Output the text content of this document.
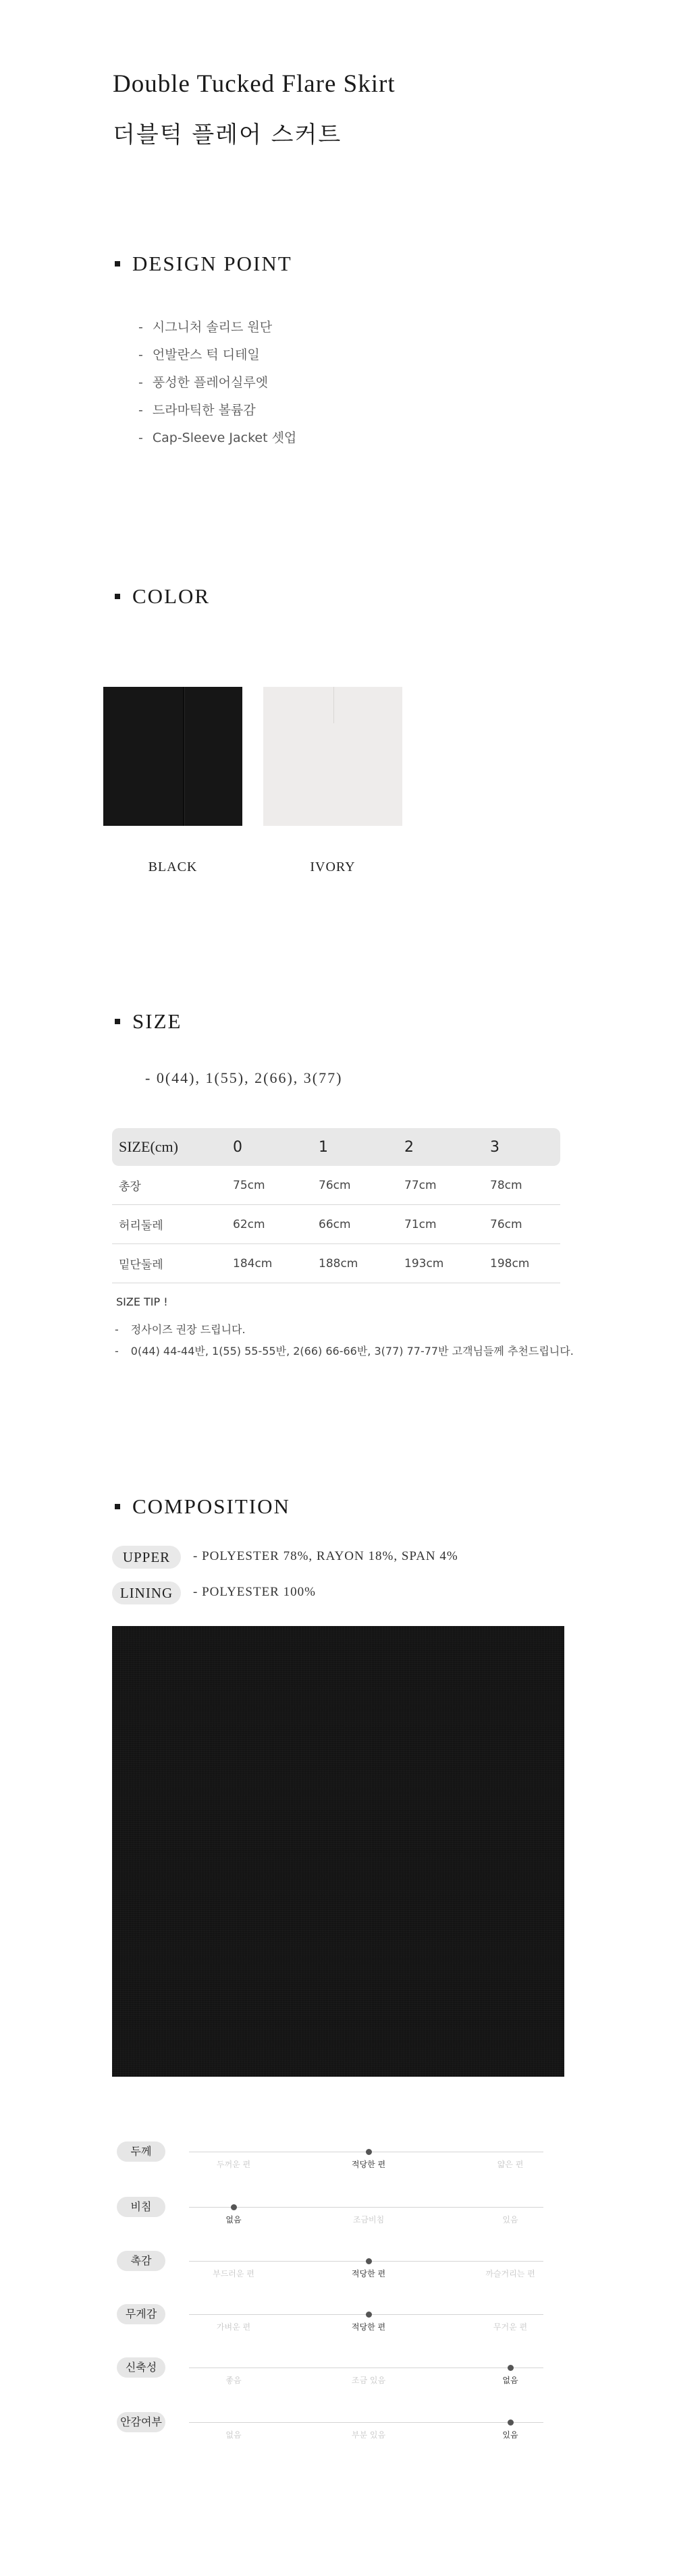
Double Tucked Flare Skirt
더블턱 플레어 스커트
DESIGN POINT
- 시그니처 솔리드 원단
- 언발란스 턱 디테일
- 풍성한 플레어실루엣
- 드라마틱한 볼륨감
- Cap-Sleeve Jacket 셋업
COLOR
BLACK	IVORY
SIZE
- 0(44), 1(55), 2(66), 3(77)
SIZE(cm)	0	1	2	3
총장	75cm	76cm	77cm	78cm
허리둘레	62cm	66cm	71cm	76cm
밑단둘레	184cm	188cm	193cm	198cm
SIZE TIP !
- 정사이즈 권장 드립니다.
- 0(44) 44-44반, 1(55) 55-55반, 2(66) 66-66반, 3(77) 77-77반 고객님들께 추천드립니다.
COMPOSITION
UPPER	- POLYESTER 78%, RAYON 18%, SPAN 4%
LINING	- POLYESTER 100%
두께
두꺼운 편	적당한 편	얇은 편
비침
없음	조금비침	있음
촉감
부드러운 편	적당한 편	까슬거리는 편
무게감
가벼운 편	적당한 편	무거운 편
신축성
좋음	조금 있음	없음
안감여부
없음	부분 있음	있음
